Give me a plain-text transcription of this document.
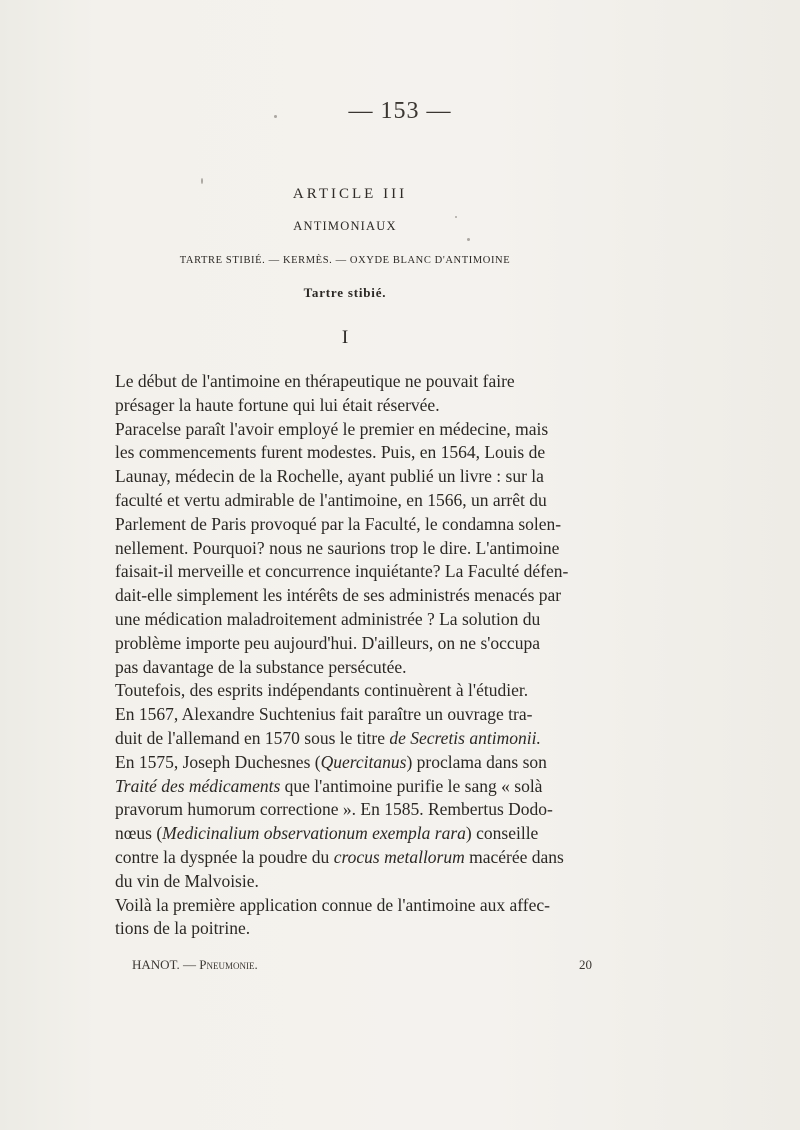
— 153 —
ARTICLE III
ANTIMONIAUX
TARTRE STIBIÉ. — KERMÈS. — OXYDE BLANC D'ANTIMOINE
Tartre stibié.
I

Le début de l'antimoine en thérapeutique ne pouvait faire
présager la haute fortune qui lui était réservée.

Paracelse paraît l'avoir employé le premier en médecine, mais
les commencements furent modestes. Puis, en 1564, Louis de
Launay, médecin de la Rochelle, ayant publié un livre : sur la
faculté et vertu admirable de l'antimoine, en 1566, un arrêt du
Parlement de Paris provoqué par la Faculté, le condamna solen-
nellement. Pourquoi? nous ne saurions trop le dire. L'antimoine
faisait-il merveille et concurrence inquiétante? La Faculté défen-
dait-elle simplement les intérêts de ses administrés menacés par
une médication maladroitement administrée ? La solution du
problème importe peu aujourd'hui. D'ailleurs, on ne s'occupa
pas davantage de la substance persécutée.

Toutefois, des esprits indépendants continuèrent à l'étudier.

En 1567, Alexandre Suchtenius fait paraître un ouvrage tra-
duit de l'allemand en 1570 sous le titre de Secretis antimonii.

En 1575, Joseph Duchesnes (Quercitanus) proclama dans son
Traité des médicaments que l'antimoine purifie le sang « solà
pravorum humorum correctione ». En 1585. Rembertus Dodo-
nœus (Medicinalium observationum exempla rara) conseille
contre la dyspnée la poudre du crocus metallorum macérée dans
du vin de Malvoisie.

Voilà la première application connue de l'antimoine aux affec-
tions de la poitrine.

HANOT. — Pneumonie.	20
